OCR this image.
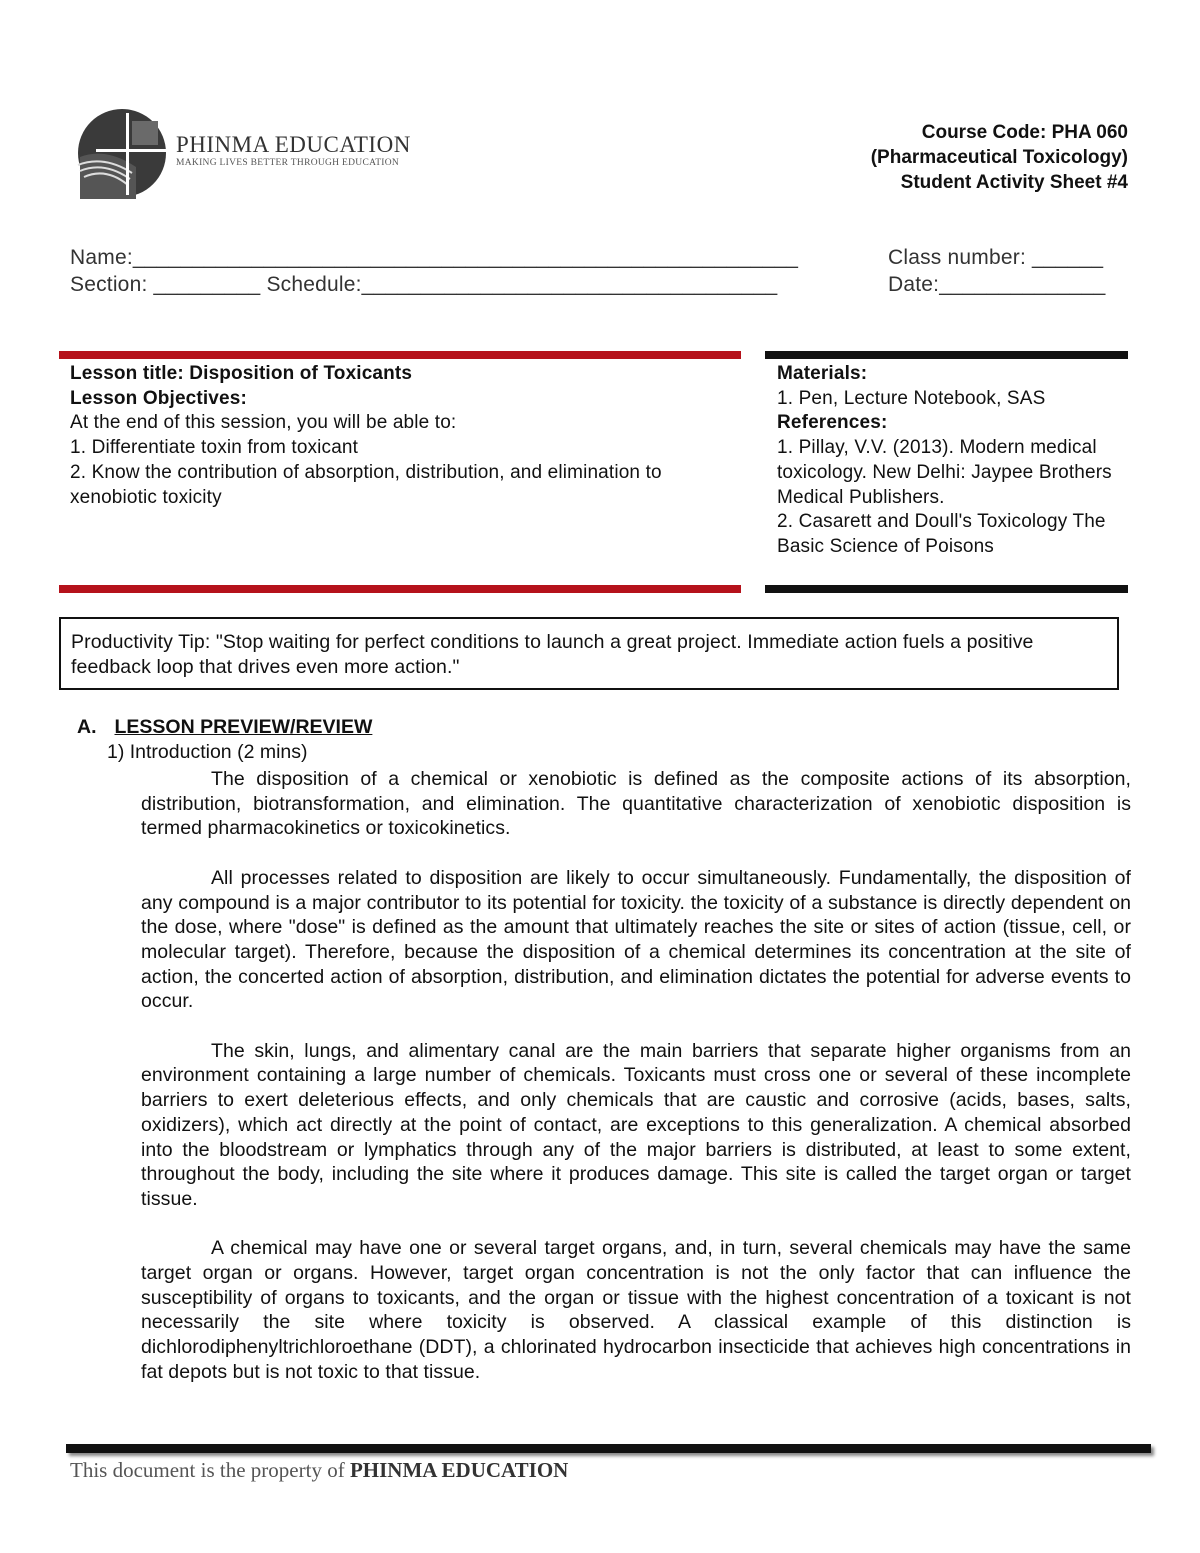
PHINMA EDUCATION
MAKING LIVES BETTER THROUGH EDUCATION
Course Code: PHA 060
(Pharmaceutical Toxicology)
Student Activity Sheet #4
Name:________________________________________________________	Class number: ______
Section: _________ Schedule:___________________________________	Date:______________
Lesson title: Disposition of Toxicants
Lesson Objectives:
At the end of this session, you will be able to:
1. Differentiate toxin from toxicant
2. Know the contribution of absorption, distribution, and elimination to xenobiotic toxicity
Materials:
1. Pen, Lecture Notebook, SAS
References:
1. Pillay, V.V. (2013). Modern medical toxicology. New Delhi: Jaypee Brothers Medical Publishers.
2. Casarett and Doull's Toxicology The Basic Science of Poisons
Productivity Tip: "Stop waiting for perfect conditions to launch a great project. Immediate action fuels a positive feedback loop that drives even more action."
A. LESSON PREVIEW/REVIEW
1) Introduction (2 mins)

The disposition of a chemical or xenobiotic is defined as the composite actions of its absorption, distribution, biotransformation, and elimination. The quantitative characterization of xenobiotic disposition is termed pharmacokinetics or toxicokinetics.

All processes related to disposition are likely to occur simultaneously. Fundamentally, the disposition of any compound is a major contributor to its potential for toxicity. the toxicity of a substance is directly dependent on the dose, where "dose" is defined as the amount that ultimately reaches the site or sites of action (tissue, cell, or molecular target). Therefore, because the disposition of a chemical determines its concentration at the site of action, the concerted action of absorption, distribution, and elimination dictates the potential for adverse events to occur.

The skin, lungs, and alimentary canal are the main barriers that separate higher organisms from an environment containing a large number of chemicals. Toxicants must cross one or several of these incomplete barriers to exert deleterious effects, and only chemicals that are caustic and corrosive (acids, bases, salts, oxidizers), which act directly at the point of contact, are exceptions to this generalization. A chemical absorbed into the bloodstream or lymphatics through any of the major barriers is distributed, at least to some extent, throughout the body, including the site where it produces damage. This site is called the target organ or target tissue.

A chemical may have one or several target organs, and, in turn, several chemicals may have the same target organ or organs. However, target organ concentration is not the only factor that can influence the susceptibility of organs to toxicants, and the organ or tissue with the highest concentration of a toxicant is not necessarily the site where toxicity is observed. A classical example of this distinction is dichlorodiphenyltrichloroethane (DDT), a chlorinated hydrocarbon insecticide that achieves high concentrations in fat depots but is not toxic to that tissue.

This document is the property of PHINMA EDUCATION
